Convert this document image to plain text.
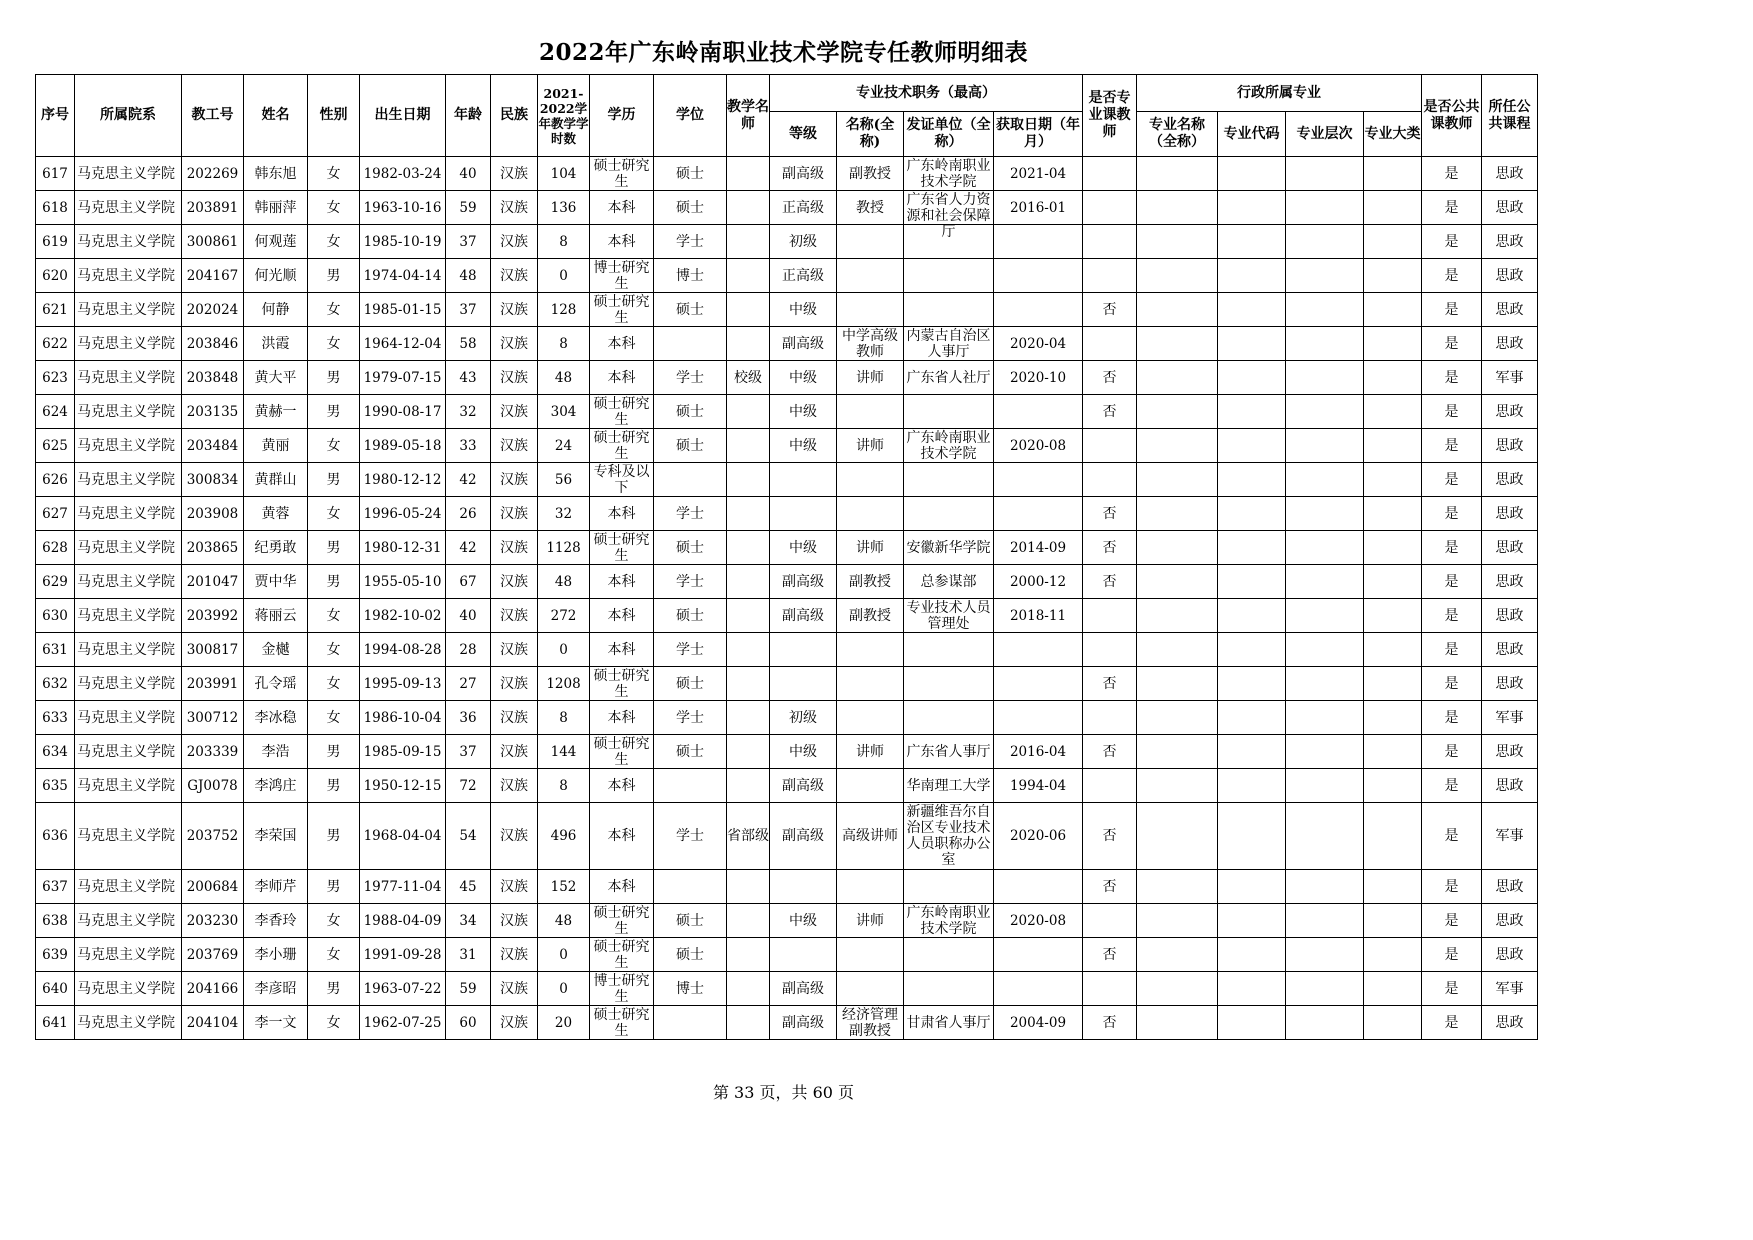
2022年广东岭南职业技术学院专任教师明细表
序号	所属院系	教工号	姓名	性别	出生日期	年龄	民族	2021-2022学年教学学时数	学历	学位	教学名师	专业技术职务（最高）				是否专业课教师	行政所属专业				是否公共课教师	所任公共课程
												等级	名称(全称)	发证单位（全称）	获取日期（年月）		专业名称（全称）	专业代码	专业层次	专业大类		
617	马克思主义学院	202269	韩东旭	女	1982-03-24	40	汉族	104	硕士研究生	硕士		副高级	副教授	广东岭南职业技术学院	2021-04						是	思政
618	马克思主义学院	203891	韩丽萍	女	1963-10-16	59	汉族	136	本科	硕士		正高级	教授	广东省人力资源和社会保障厅	2016-01						是	思政
619	马克思主义学院	300861	何观莲	女	1985-10-19	37	汉族	8	本科	学士		初级									是	思政
620	马克思主义学院	204167	何光顺	男	1974-04-14	48	汉族	0	博士研究生	博士		正高级									是	思政
621	马克思主义学院	202024	何静	女	1985-01-15	37	汉族	128	硕士研究生	硕士		中级				否					是	思政
622	马克思主义学院	203846	洪霞	女	1964-12-04	58	汉族	8	本科			副高级	中学高级教师	内蒙古自治区人事厅	2020-04						是	思政
623	马克思主义学院	203848	黄大平	男	1979-07-15	43	汉族	48	本科	学士	校级	中级	讲师	广东省人社厅	2020-10	否					是	军事
624	马克思主义学院	203135	黄赫一	男	1990-08-17	32	汉族	304	硕士研究生	硕士		中级				否					是	思政
625	马克思主义学院	203484	黄丽	女	1989-05-18	33	汉族	24	硕士研究生	硕士		中级	讲师	广东岭南职业技术学院	2020-08						是	思政
626	马克思主义学院	300834	黄群山	男	1980-12-12	42	汉族	56	专科及以下												是	思政
627	马克思主义学院	203908	黄蓉	女	1996-05-24	26	汉族	32	本科	学士						否					是	思政
628	马克思主义学院	203865	纪勇敢	男	1980-12-31	42	汉族	1128	硕士研究生	硕士		中级	讲师	安徽新华学院	2014-09	否					是	思政
629	马克思主义学院	201047	贾中华	男	1955-05-10	67	汉族	48	本科	学士		副高级	副教授	总参谋部	2000-12	否					是	思政
630	马克思主义学院	203992	蒋丽云	女	1982-10-02	40	汉族	272	本科	硕士		副高级	副教授	专业技术人员管理处	2018-11						是	思政
631	马克思主义学院	300817	金樾	女	1994-08-28	28	汉族	0	本科	学士											是	思政
632	马克思主义学院	203991	孔令瑶	女	1995-09-13	27	汉族	1208	硕士研究生	硕士						否					是	思政
633	马克思主义学院	300712	李冰稳	女	1986-10-04	36	汉族	8	本科	学士		初级									是	军事
634	马克思主义学院	203339	李浩	男	1985-09-15	37	汉族	144	硕士研究生	硕士		中级	讲师	广东省人事厅	2016-04	否					是	思政
635	马克思主义学院	GJ0078	李鸿庄	男	1950-12-15	72	汉族	8	本科			副高级		华南理工大学	1994-04						是	思政
636	马克思主义学院	203752	李荣国	男	1968-04-04	54	汉族	496	本科	学士	省部级	副高级	高级讲师	新疆维吾尔自治区专业技术人员职称办公室	2020-06	否					是	军事
637	马克思主义学院	200684	李师芹	男	1977-11-04	45	汉族	152	本科							否					是	思政
638	马克思主义学院	203230	李香玲	女	1988-04-09	34	汉族	48	硕士研究生	硕士		中级	讲师	广东岭南职业技术学院	2020-08						是	思政
639	马克思主义学院	203769	李小珊	女	1991-09-28	31	汉族	0	硕士研究生	硕士						否					是	思政
640	马克思主义学院	204166	李彦昭	男	1963-07-22	59	汉族	0	博士研究生	博士		副高级									是	军事
641	马克思主义学院	204104	李一文	女	1962-07-25	60	汉族	20	硕士研究生			副高级	经济管理副教授	甘肃省人事厅	2004-09	否					是	思政
第 33 页，共 60 页
